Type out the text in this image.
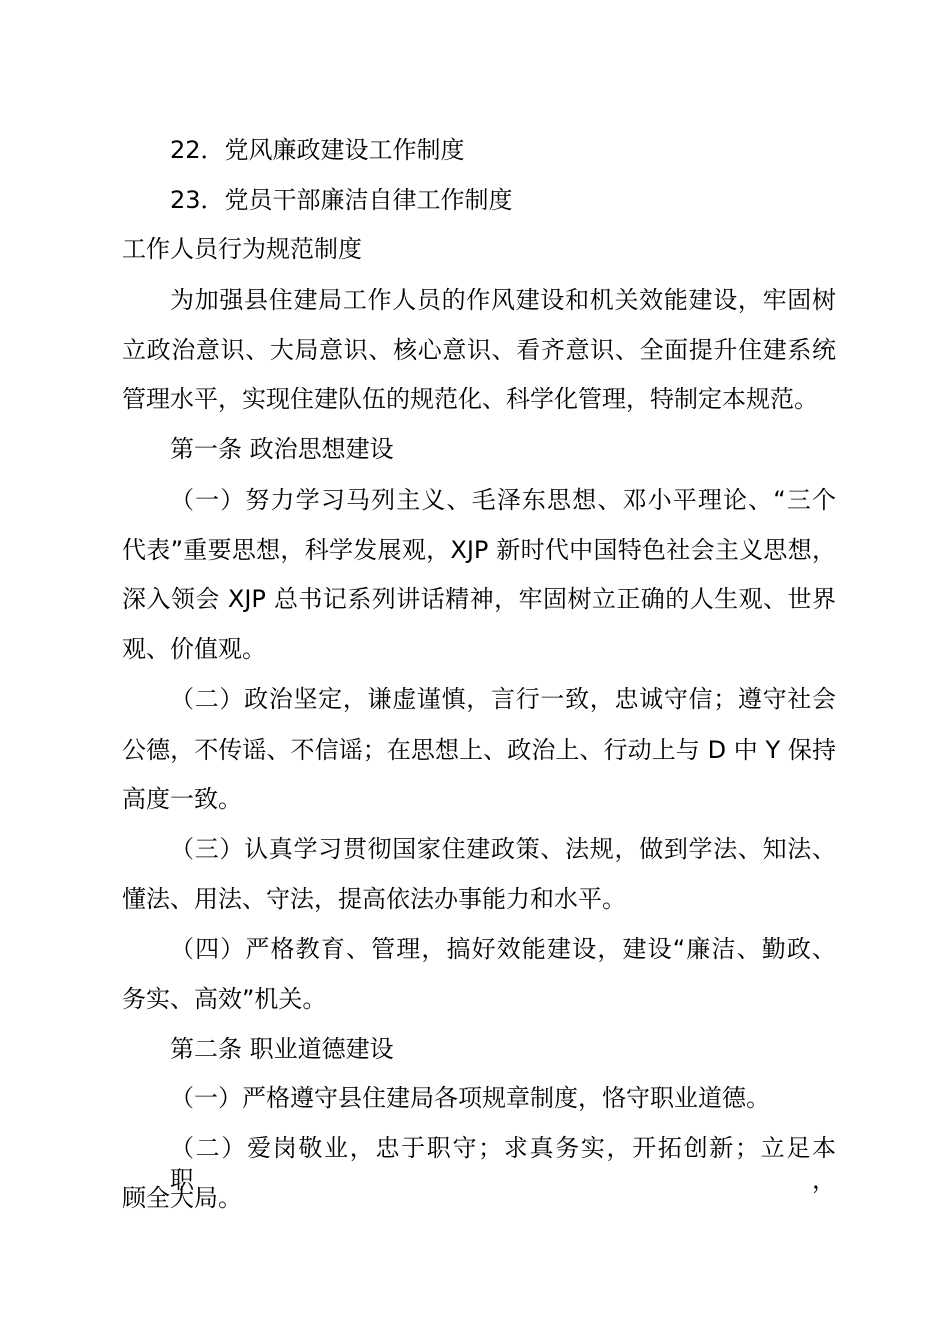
22．党风廉政建设工作制度
23．党员干部廉洁自律工作制度
工作人员行为规范制度
为加强县住建局工作人员的作风建设和机关效能建设，牢固树
立政治意识、大局意识、核心意识、看齐意识、全面提升住建系统
管理水平，实现住建队伍的规范化、科学化管理，特制定本规范。
第一条 政治思想建设
（一）努力学习马列主义、毛泽东思想、邓小平理论、“三个
代表”重要思想，科学发展观，XJP 新时代中国特色社会主义思想，
深入领会 XJP 总书记系列讲话精神，牢固树立正确的人生观、世界
观、价值观。
（二）政治坚定，谦虚谨慎，言行一致，忠诚守信；遵守社会
公德，不传谣、不信谣；在思想上、政治上、行动上与 D 中 Y 保持
高度一致。
（三）认真学习贯彻国家住建政策、法规，做到学法、知法、
懂法、用法、守法，提高依法办事能力和水平。
（四）严格教育、管理，搞好效能建设，建设“廉洁、勤政、
务实、高效”机关。
第二条 职业道德建设
（一）严格遵守县住建局各项规章制度，恪守职业道德。
（二）爱岗敬业，忠于职守；求真务实，开拓创新；立足本职，
顾全大局。
